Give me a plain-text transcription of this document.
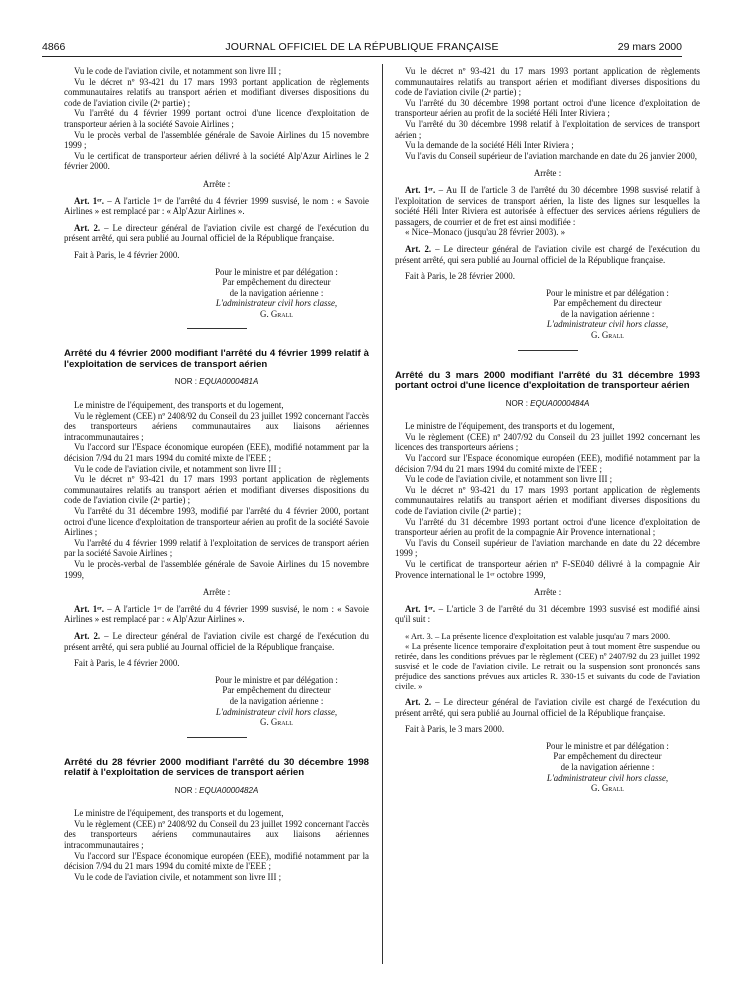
4866	JOURNAL OFFICIEL DE LA RÉPUBLIQUE FRANÇAISE	29 mars 2000

Vu le code de l'aviation civile, et notamment son livre III ;

Vu le décret nº 93-421 du 17 mars 1993 portant application de règlements communautaires relatifs au transport aérien et modifiant diverses dispositions du code de l'aviation civile (2ᵉ partie) ;

Vu l'arrêté du 4 février 1999 portant octroi d'une licence d'exploitation de transporteur aérien à la société Savoie Airlines ;

Vu le procès verbal de l'assemblée générale de Savoie Airlines du 15 novembre 1999 ;

Vu le certificat de transporteur aérien délivré à la société Alp'Azur Airlines le 2 février 2000.

Arrête :

Art. 1ᵉʳ. – A l'article 1ᵉʳ de l'arrêté du 4 février 1999 susvisé, le nom : « Savoie Airlines » est remplacé par : « Alp'Azur Airlines ».

Art. 2. – Le directeur général de l'aviation civile est chargé de l'exécution du présent arrêté, qui sera publié au Journal officiel de la République française.

Fait à Paris, le 4 février 2000.

Pour le ministre et par délégation :
Par empêchement du directeur
de la navigation aérienne :
L'administrateur civil hors classe,
G. Grall
Arrêté du 4 février 2000 modifiant l'arrêté du 4 février 1999 relatif à l'exploitation de services de transport aérien
NOR : EQUA0000481A

Le ministre de l'équipement, des transports et du logement,

Vu le règlement (CEE) nº 2408/92 du Conseil du 23 juillet 1992 concernant l'accès des transporteurs aériens communautaires aux liaisons aériennes intracommunautaires ;

Vu l'accord sur l'Espace économique européen (EEE), modifié notamment par la décision 7/94 du 21 mars 1994 du comité mixte de l'EEE ;

Vu le code de l'aviation civile, et notamment son livre III ;

Vu le décret nº 93-421 du 17 mars 1993 portant application de règlements communautaires relatifs au transport aérien et modifiant diverses dispositions du code de l'aviation civile (2ᵉ partie) ;

Vu l'arrêté du 31 décembre 1993, modifié par l'arrêté du 4 février 2000, portant octroi d'une licence d'exploitation de transporteur aérien au profit de la société Savoie Airlines ;

Vu l'arrêté du 4 février 1999 relatif à l'exploitation de services de transport aérien par la société Savoie Airlines ;

Vu le procès-verbal de l'assemblée générale de Savoie Airlines du 15 novembre 1999,

Arrête :

Art. 1ᵉʳ. – A l'article 1ᵉʳ de l'arrêté du 4 février 1999 susvisé, le nom : « Savoie Airlines » est remplacé par : « Alp'Azur Airlines ».

Art. 2. – Le directeur général de l'aviation civile est chargé de l'exécution du présent arrêté, qui sera publié au Journal officiel de la République française.

Fait à Paris, le 4 février 2000.

Pour le ministre et par délégation :
Par empêchement du directeur
de la navigation aérienne :
L'administrateur civil hors classe,
G. Grall
Arrêté du 28 février 2000 modifiant l'arrêté du 30 décembre 1998 relatif à l'exploitation de services de transport aérien
NOR : EQUA0000482A

Le ministre de l'équipement, des transports et du logement,

Vu le règlement (CEE) nº 2408/92 du Conseil du 23 juillet 1992 concernant l'accès des transporteurs aériens communautaires aux liaisons aériennes intracommunautaires ;

Vu l'accord sur l'Espace économique européen (EEE), modifié notamment par la décision 7/94 du 21 mars 1994 du comité mixte de l'EEE ;

Vu le code de l'aviation civile, et notamment son livre III ;

Vu le décret nº 93-421 du 17 mars 1993 portant application de règlements communautaires relatifs au transport aérien et modifiant diverses dispositions du code de l'aviation civile (2ᵉ partie) ;

Vu l'arrêté du 30 décembre 1998 portant octroi d'une licence d'exploitation de transporteur aérien au profit de la société Héli Inter Riviera ;

Vu l'arrêté du 30 décembre 1998 relatif à l'exploitation de services de transport aérien ;

Vu la demande de la société Héli Inter Riviera ;

Vu l'avis du Conseil supérieur de l'aviation marchande en date du 26 janvier 2000,

Arrête :

Art. 1ᵉʳ. – Au II de l'article 3 de l'arrêté du 30 décembre 1998 susvisé relatif à l'exploitation de services de transport aérien, la liste des lignes sur lesquelles la société Héli Inter Riviera est autorisée à effectuer des services aériens réguliers de passagers, de courrier et de fret est ainsi modifiée :

« Nice–Monaco (jusqu'au 28 février 2003). »

Art. 2. – Le directeur général de l'aviation civile est chargé de l'exécution du présent arrêté, qui sera publié au Journal officiel de la République française.

Fait à Paris, le 28 février 2000.

Pour le ministre et par délégation :
Par empêchement du directeur
de la navigation aérienne :
L'administrateur civil hors classe,
G. Grall
Arrêté du 3 mars 2000 modifiant l'arrêté du 31 décembre 1993 portant octroi d'une licence d'exploitation de transporteur aérien
NOR : EQUA0000484A

Le ministre de l'équipement, des transports et du logement,

Vu le règlement (CEE) nº 2407/92 du Conseil du 23 juillet 1992 concernant les licences des transporteurs aériens ;

Vu l'accord sur l'Espace économique européen (EEE), modifié notamment par la décision 7/94 du 21 mars 1994 du comité mixte de l'EEE ;

Vu le code de l'aviation civile, et notamment son livre III ;

Vu le décret nº 93-421 du 17 mars 1993 portant application de règlements communautaires relatifs au transport aérien et modifiant diverses dispositions du code de l'aviation civile (2ᵉ partie) ;

Vu l'arrêté du 31 décembre 1993 portant octroi d'une licence d'exploitation de transporteur aérien au profit de la compagnie Air Provence international ;

Vu l'avis du Conseil supérieur de l'aviation marchande en date du 22 décembre 1999 ;

Vu le certificat de transporteur aérien nº F-SE040 délivré à la compagnie Air Provence international le 1ᵉʳ octobre 1999,

Arrête :

Art. 1ᵉʳ. – L'article 3 de l'arrêté du 31 décembre 1993 susvisé est modifié ainsi qu'il suit :

« Art. 3. – La présente licence d'exploitation est valable jusqu'au 7 mars 2000.

« La présente licence temporaire d'exploitation peut à tout moment être suspendue ou retirée, dans les conditions prévues par le règlement (CEE) nº 2407/92 du 23 juillet 1992 susvisé et le code de l'aviation civile. Le retrait ou la suspension sont prononcés sans préjudice des sanctions prévues aux articles R. 330-15 et suivants du code de l'aviation civile. »

Art. 2. – Le directeur général de l'aviation civile est chargé de l'exécution du présent arrêté, qui sera publié au Journal officiel de la République française.

Fait à Paris, le 3 mars 2000.

Pour le ministre et par délégation :
Par empêchement du directeur
de la navigation aérienne :
L'administrateur civil hors classe,
G. Grall
